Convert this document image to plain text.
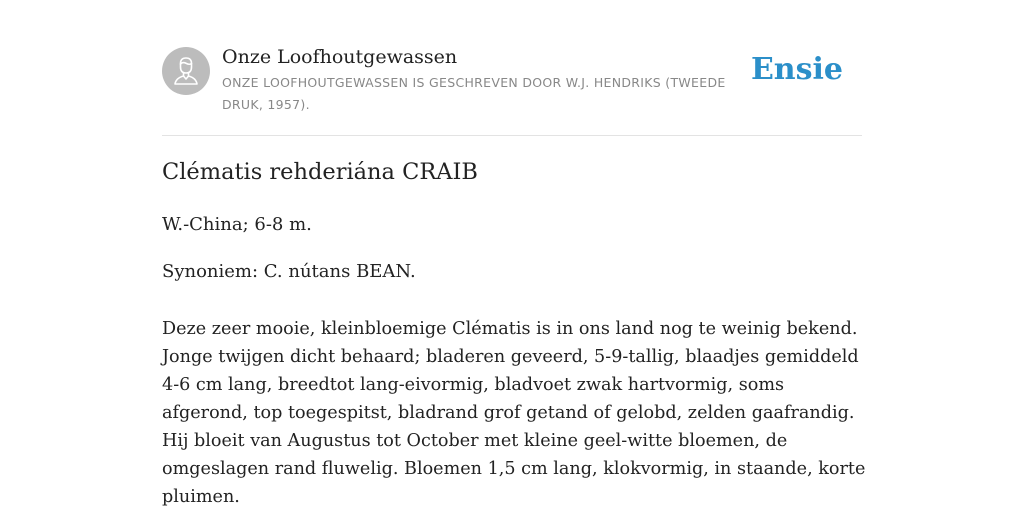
Onze Loofhoutgewassen
ONZE LOOFHOUTGEWASSEN IS GESCHREVEN DOOR W.J. HENDRIKS (TWEEDE DRUK, 1957).
Ensie
Clématis rehderiána CRAIB

W.-China; 6-8 m.

Synoniem: C. nútans BEAN.

Deze zeer mooie, kleinbloemige Clématis is in ons land nog te weinig bekend. Jonge twijgen dicht behaard; bladeren geveerd, 5-9-tallig, blaadjes gemiddeld 4-6 cm lang, breedtot lang-eivormig, bladvoet zwak hartvormig, soms afgerond, top toegespitst, bladrand grof getand of gelobd, zelden gaafrandig. Hij bloeit van Augustus tot October met kleine geel-witte bloemen, de omgeslagen rand fluwelig. Bloemen 1,5 cm lang, klokvormig, in staande, korte pluimen.
